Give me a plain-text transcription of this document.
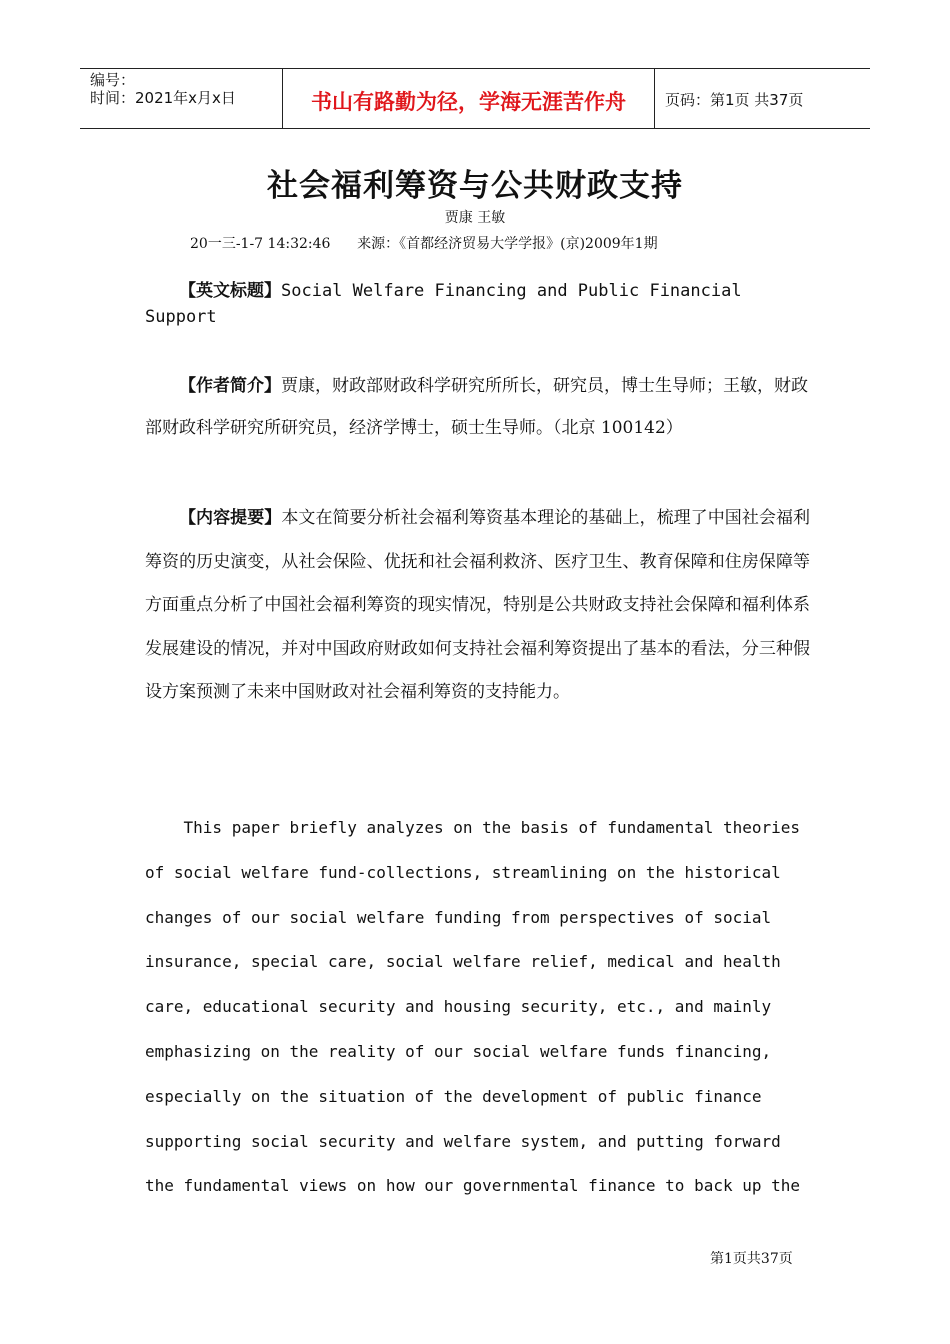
编号：
时间：2021年x月x日	书山有路勤为径，学海无涯苦作舟	页码：第1页 共37页
社会福利筹资与公共财政支持
贾康 王敏
20一三-1-7 14:32:46      来源：《首都经济贸易大学学报》(京)2009年1期
【英文标题】Social Welfare Financing and Public Financial Support
【作者简介】贾康，财政部财政科学研究所所长，研究员，博士生导师；王敏，财政部财政科学研究所研究员，经济学博士，硕士生导师。（北京 100142）
【内容提要】本文在简要分析社会福利筹资基本理论的基础上，梳理了中国社会福利筹资的历史演变，从社会保险、优抚和社会福利救济、医疗卫生、教育保障和住房保障等方面重点分析了中国社会福利筹资的现实情况，特别是公共财政支持社会保障和福利体系发展建设的情况，并对中国政府财政如何支持社会福利筹资提出了基本的看法，分三种假设方案预测了未来中国财政对社会福利筹资的支持能力。
This paper briefly analyzes on the basis of fundamental theories
of social welfare fund-collections, streamlining on the historical
changes of our social welfare funding from perspectives of social
insurance, special care, social welfare relief, medical and health
care, educational security and housing security, etc., and mainly
emphasizing on the reality of our social welfare funds financing,
especially on the situation of the development of public finance
supporting social security and welfare system, and putting forward
the fundamental views on how our governmental finance to back up the
第1页共37页
